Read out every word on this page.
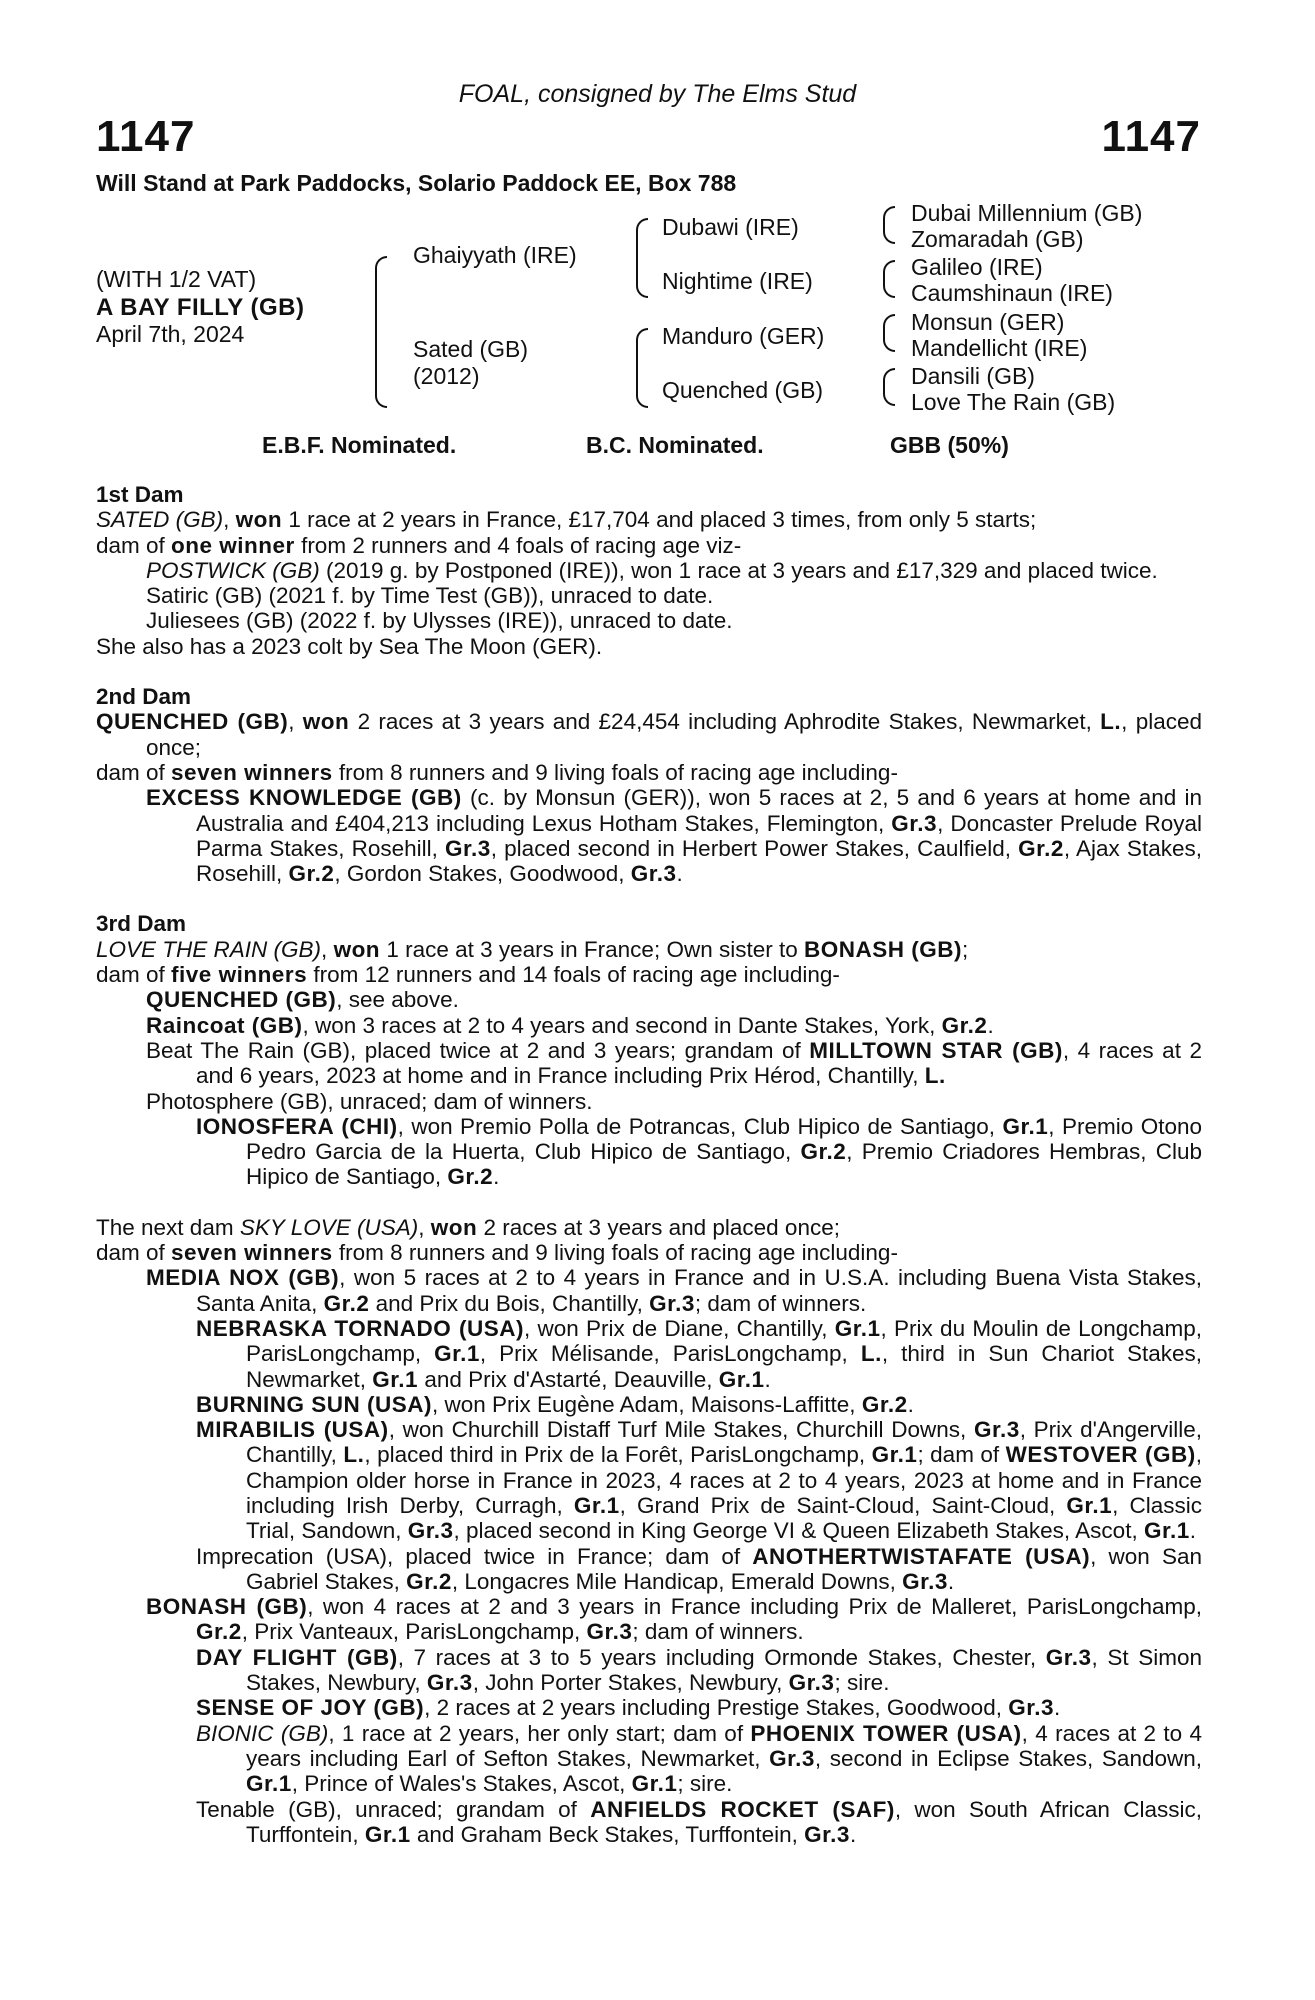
1147
FOAL, consigned by The Elms Stud
1147
Will Stand at Park Paddocks, Solario Paddock EE, Box 788
(WITH 1/2 VAT)
A BAY FILLY (GB)
April 7th, 2024
Ghaiyyath (IRE)
Sated (GB)
(2012)
Dubawi (IRE)
Nightime (IRE)
Manduro (GER)
Quenched (GB)
Dubai Millennium (GB)
Zomaradah (GB)
Galileo (IRE)
Caumshinaun (IRE)
Monsun (GER)
Mandellicht (IRE)
Dansili (GB)
Love The Rain (GB)
E.B.F. Nominated.	B.C. Nominated.	GBB (50%)

1st Dam

SATED (GB), won 1 race at 2 years in France, £17,704 and placed 3 times, from only 5 starts;

dam of one winner from 2 runners and 4 foals of racing age viz-

POSTWICK (GB) (2019 g. by Postponed (IRE)), won 1 race at 3 years and £17,329 and placed twice.

Satiric (GB) (2021 f. by Time Test (GB)), unraced to date.

Juliesees (GB) (2022 f. by Ulysses (IRE)), unraced to date.

She also has a 2023 colt by Sea The Moon (GER).

2nd Dam

QUENCHED (GB), won 2 races at 3 years and £24,454 including Aphrodite Stakes, Newmarket, L., placed once;

dam of seven winners from 8 runners and 9 living foals of racing age including-

EXCESS KNOWLEDGE (GB) (c. by Monsun (GER)), won 5 races at 2, 5 and 6 years at home and in Australia and £404,213 including Lexus Hotham Stakes, Flemington, Gr.3, Doncaster Prelude Royal Parma Stakes, Rosehill, Gr.3, placed second in Herbert Power Stakes, Caulfield, Gr.2, Ajax Stakes, Rosehill, Gr.2, Gordon Stakes, Goodwood, Gr.3.

3rd Dam

LOVE THE RAIN (GB), won 1 race at 3 years in France; Own sister to BONASH (GB);

dam of five winners from 12 runners and 14 foals of racing age including-

QUENCHED (GB), see above.

Raincoat (GB), won 3 races at 2 to 4 years and second in Dante Stakes, York, Gr.2.

Beat The Rain (GB), placed twice at 2 and 3 years; grandam of MILLTOWN STAR (GB), 4 races at 2 and 6 years, 2023 at home and in France including Prix Hérod, Chantilly, L.

Photosphere (GB), unraced; dam of winners.

IONOSFERA (CHI), won Premio Polla de Potrancas, Club Hipico de Santiago, Gr.1, Premio Otono Pedro Garcia de la Huerta, Club Hipico de Santiago, Gr.2, Premio Criadores Hembras, Club Hipico de Santiago, Gr.2.

The next dam SKY LOVE (USA), won 2 races at 3 years and placed once;

dam of seven winners from 8 runners and 9 living foals of racing age including-

MEDIA NOX (GB), won 5 races at 2 to 4 years in France and in U.S.A. including Buena Vista Stakes, Santa Anita, Gr.2 and Prix du Bois, Chantilly, Gr.3; dam of winners.

NEBRASKA TORNADO (USA), won Prix de Diane, Chantilly, Gr.1, Prix du Moulin de Longchamp, ParisLongchamp, Gr.1, Prix Mélisande, ParisLongchamp, L., third in Sun Chariot Stakes, Newmarket, Gr.1 and Prix d'Astarté, Deauville, Gr.1.

BURNING SUN (USA), won Prix Eugène Adam, Maisons-Laffitte, Gr.2.

MIRABILIS (USA), won Churchill Distaff Turf Mile Stakes, Churchill Downs, Gr.3, Prix d'Angerville, Chantilly, L., placed third in Prix de la Forêt, ParisLongchamp, Gr.1; dam of WESTOVER (GB), Champion older horse in France in 2023, 4 races at 2 to 4 years, 2023 at home and in France including Irish Derby, Curragh, Gr.1, Grand Prix de Saint-Cloud, Saint-Cloud, Gr.1, Classic Trial, Sandown, Gr.3, placed second in King George VI & Queen Elizabeth Stakes, Ascot, Gr.1.

Imprecation (USA), placed twice in France; dam of ANOTHERTWISTAFATE (USA), won San Gabriel Stakes, Gr.2, Longacres Mile Handicap, Emerald Downs, Gr.3.

BONASH (GB), won 4 races at 2 and 3 years in France including Prix de Malleret, ParisLongchamp, Gr.2, Prix Vanteaux, ParisLongchamp, Gr.3; dam of winners.

DAY FLIGHT (GB), 7 races at 3 to 5 years including Ormonde Stakes, Chester, Gr.3, St Simon Stakes, Newbury, Gr.3, John Porter Stakes, Newbury, Gr.3; sire.

SENSE OF JOY (GB), 2 races at 2 years including Prestige Stakes, Goodwood, Gr.3.

BIONIC (GB), 1 race at 2 years, her only start; dam of PHOENIX TOWER (USA), 4 races at 2 to 4 years including Earl of Sefton Stakes, Newmarket, Gr.3, second in Eclipse Stakes, Sandown, Gr.1, Prince of Wales's Stakes, Ascot, Gr.1; sire.

Tenable (GB), unraced; grandam of ANFIELDS ROCKET (SAF), won South African Classic, Turffontein, Gr.1 and Graham Beck Stakes, Turffontein, Gr.3.
